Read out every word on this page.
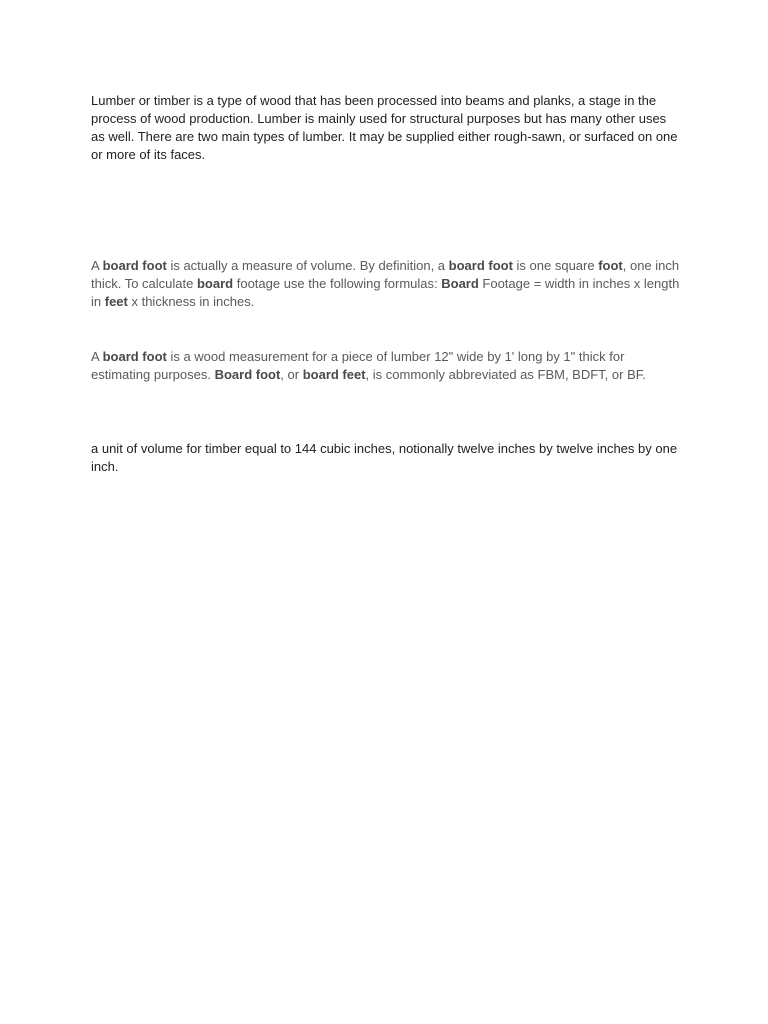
Lumber or timber is a type of wood that has been processed into beams and planks, a stage in the process of wood production. Lumber is mainly used for structural purposes but has many other uses as well. There are two main types of lumber. It may be supplied either rough-sawn, or surfaced on one or more of its faces.

A board foot is actually a measure of volume. By definition, a board foot is one square foot, one inch thick. To calculate board footage use the following formulas: Board Footage = width in inches x length in feet x thickness in inches.

A board foot is a wood measurement for a piece of lumber 12" wide by 1' long by 1" thick for estimating purposes. Board foot, or board feet, is commonly abbreviated as FBM, BDFT, or BF.

a unit of volume for timber equal to 144 cubic inches, notionally twelve inches by twelve inches by one inch.
